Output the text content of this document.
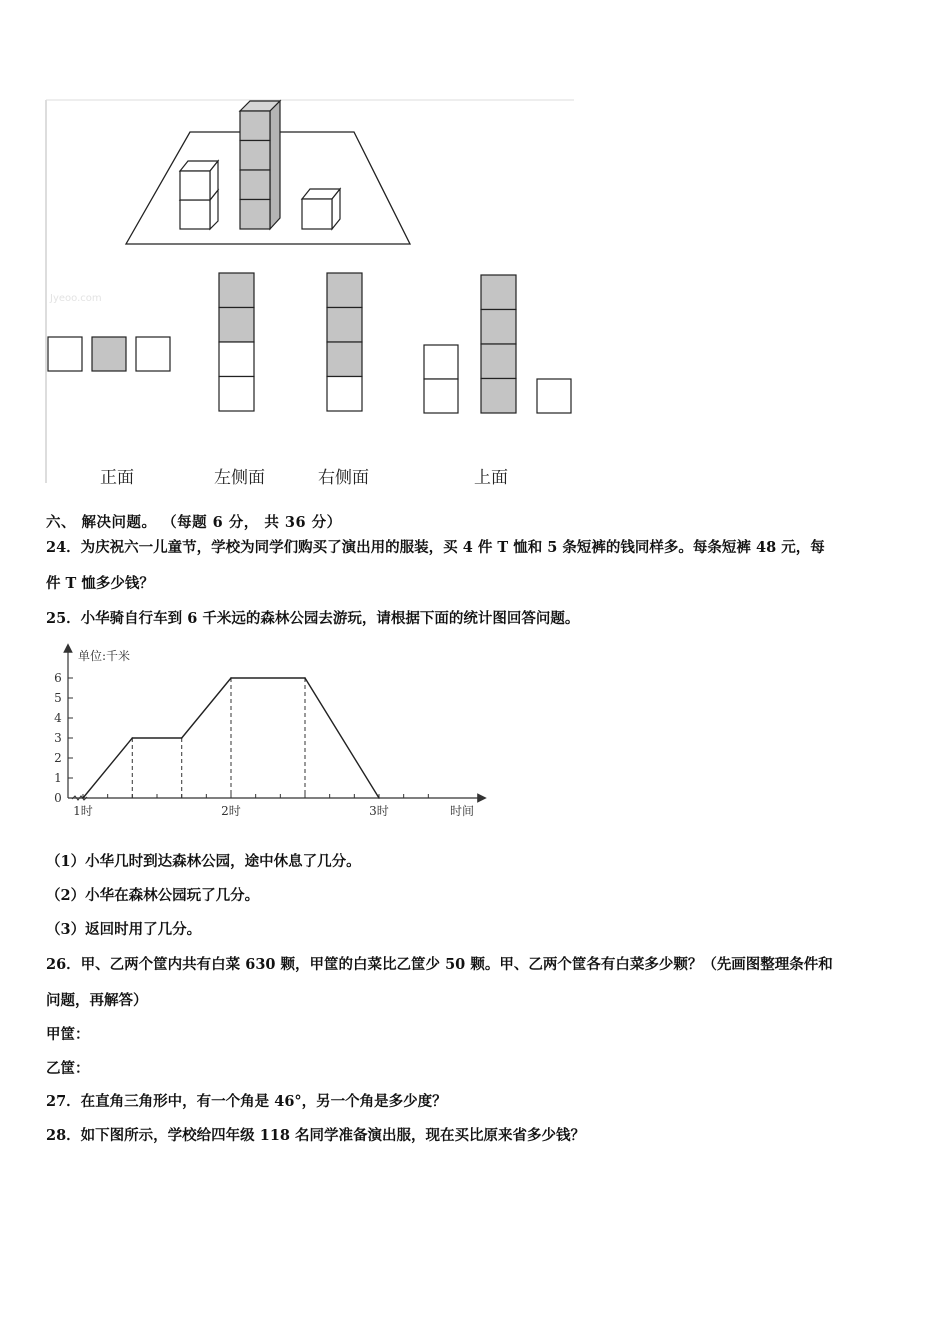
Jyeoo.com
正面	左侧面	右侧面	上面
六、 解决问题。 （每题 6 分， 共 36 分）
24．为庆祝六一儿童节，学校为同学们购买了演出用的服装，买 4 件 T 恤和 5 条短裤的钱同样多。每条短裤 48 元，每
件 T 恤多少钱？
25．小华骑自行车到 6 千米远的森林公园去游玩，请根据下面的统计图回答问题。
0
1
2
3
4
5
6
单位:千米
1时	2时	3时	时间
（1）小华几时到达森林公园，途中休息了几分。
（2）小华在森林公园玩了几分。
（3）返回时用了几分。
26．甲、乙两个筐内共有白菜 630 颗，甲筐的白菜比乙筐少 50 颗。甲、乙两个筐各有白菜多少颗？（先画图整理条件和
问题，再解答）
甲筐：
乙筐：
27．在直角三角形中，有一个角是 46°，另一个角是多少度？
28．如下图所示，学校给四年级 118 名同学准备演出服，现在买比原来省多少钱？
